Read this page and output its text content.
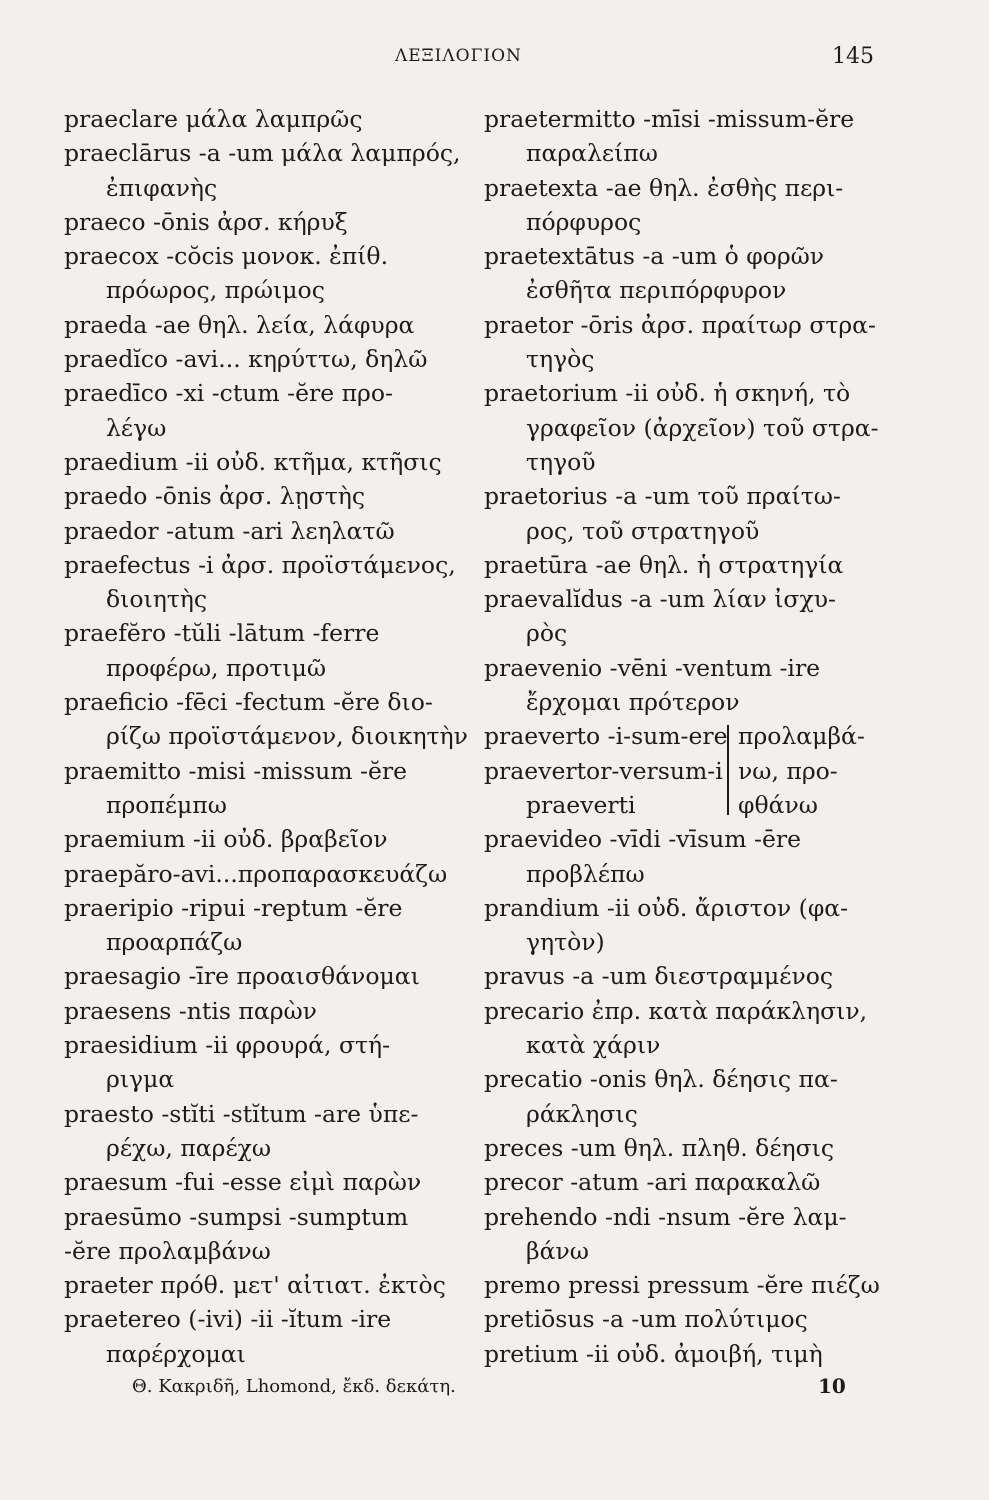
ΛΕΞΙΛΟΓΙΟΝ	145
praeclare μάλα λαμπρῶς
praeclārus -a -um μάλα λαμπρός,
ἐπιφανὴς
praeco -ōnis ἀρσ. κήρυξ
praecox -cŏcis μονοκ. ἐπίθ.
πρόωρος, πρώιμος
praeda -ae θηλ. λεία, λάφυρα
praedĭco -avi... κηρύττω, δηλῶ
praedīco -xi -ctum -ĕre προ-
λέγω
praedium -ii οὐδ. κτῆμα, κτῆσις
praedo -ōnis ἀρσ. λῃστὴς
praedor -atum -ari λεηλατῶ
praefectus -i ἀρσ. προϊστάμενος,
διοιητὴς
praefĕro -tŭli -lātum -ferre
προφέρω, προτιμῶ
praeficio -fēci -fectum -ĕre διο-
ρίζω προϊστάμενον, διοικητὴν
praemitto -misi -missum -ĕre
προπέμπω
praemium -ii οὐδ. βραβεῖον
praepăro-avi...προπαρασκευάζω
praeripio -ripui -reptum -ĕre
προαρπάζω
praesagio -īre προαισθάνομαι
praesens -ntis παρὼν
praesidium -ii φρουρά, στή-
ριγμα
praesto -stĭti -stĭtum -are ὑπε-
ρέχω, παρέχω
praesum -fui -esse εἰμὶ παρὼν
praesūmo -sumpsi -sumptum
-ĕre προλαμβάνω
praeter πρόθ. μετ' αἰτιατ. ἐκτὸς
praetereo (-ivi) -ii -ĭtum -ire
παρέρχομαι
praetermitto -mīsi -missum-ĕre
παραλείπω
praetexta -ae θηλ. ἐσθὴς περι-
πόρφυρος
praetextātus -a -um ὁ φορῶν
ἐσθῆτα περιπόρφυρον
praetor -ōris ἀρσ. πραίτωρ στρα-
τηγὸς
praetorium -ii οὐδ. ἡ σκηνή, τὸ
γραφεῖον (ἀρχεῖον) τοῦ στρα-
τηγοῦ
praetorius -a -um τοῦ πραίτω-
ρος, τοῦ στρατηγοῦ
praetūra -ae θηλ. ἡ στρατηγία
praevalĭdus -a -um λίαν ἰσχυ-
ρὸς
praevenio -vēni -ventum -ire
ἔρχομαι πρότερον
praeverto -i-sum-ere
praevertor-versum-i
praeverti
προλαμβά-
νω, προ-
φθάνω
praevideo -vīdi -vīsum -ēre
προβλέπω
prandium -ii οὐδ. ἄριστον (φα-
γητὸν)
pravus -a -um διεστραμμένος
precario ἐπρ. κατὰ παράκλησιν,
κατὰ χάριν
precatio -onis θηλ. δέησις πα-
ράκλησις
preces -um θηλ. πληθ. δέησις
precor -atum -ari παρακαλῶ
prehendo -ndi -nsum -ĕre λαμ-
βάνω
premo pressi pressum -ĕre πιέζω
pretiōsus -a -um πολύτιμος
pretium -ii οὐδ. ἀμοιβή, τιμὴ
Θ. Κακριδῆ, Lhomond, ἔκδ. δεκάτη.	10
